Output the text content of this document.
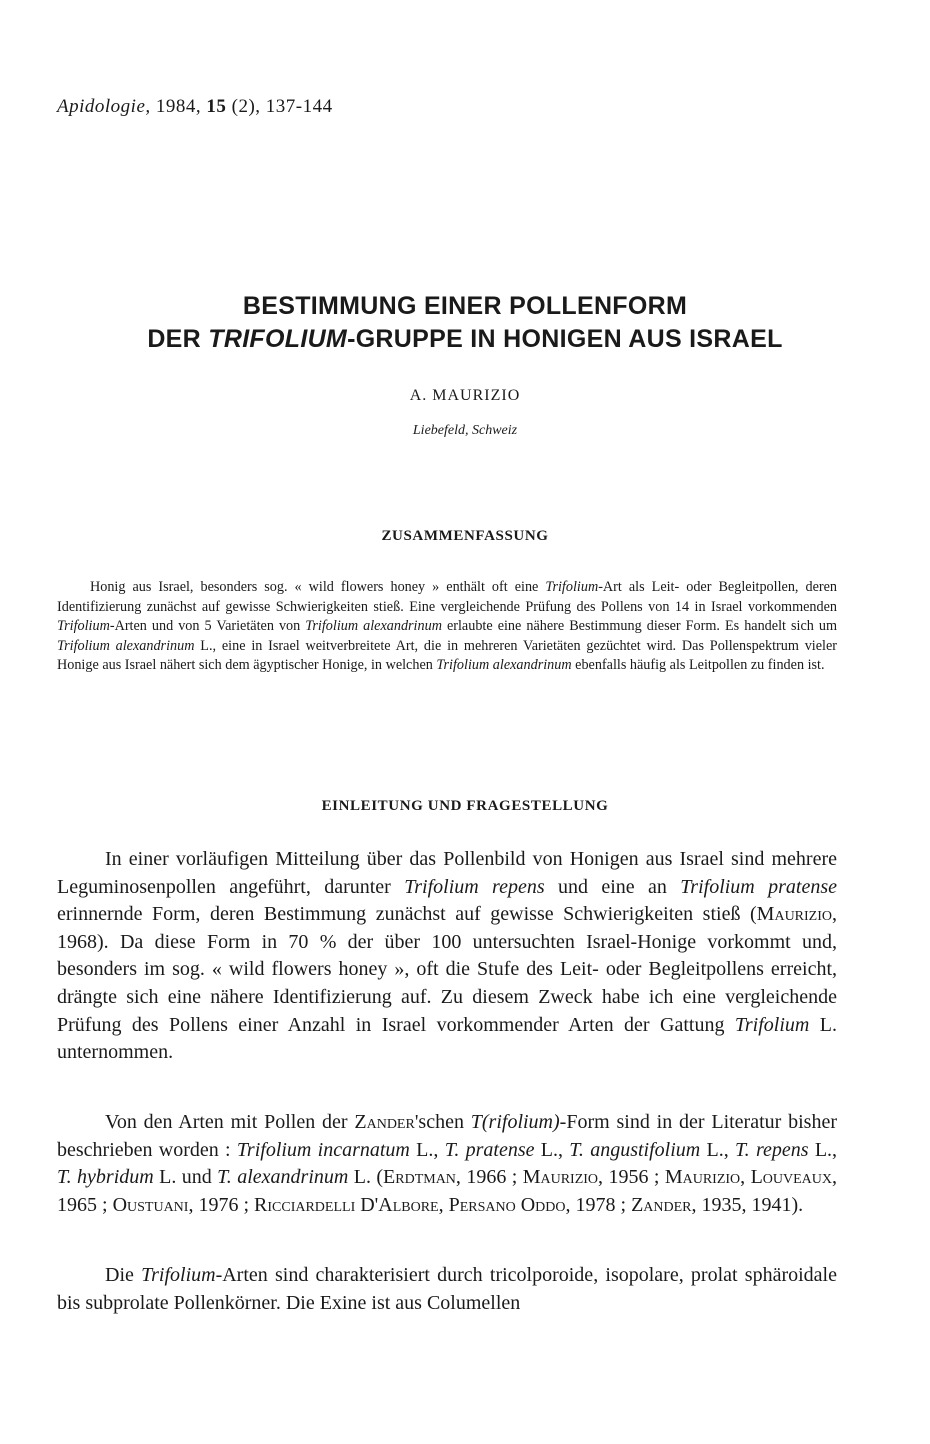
Apidologie, 1984, 15 (2), 137-144
BESTIMMUNG EINER POLLENFORM
DER TRIFOLIUM-GRUPPE IN HONIGEN AUS ISRAEL
A. MAURIZIO
Liebefeld, Schweiz
ZUSAMMENFASSUNG

Honig aus Israel, besonders sog. « wild flowers honey » enthält oft eine Trifolium-Art als Leit- oder Begleitpollen, deren Identifizierung zunächst auf gewisse Schwierigkeiten stieß. Eine vergleichende Prüfung des Pollens von 14 in Israel vorkommenden Trifolium-Arten und von 5 Varietäten von Trifolium alexandrinum erlaubte eine nähere Bestimmung dieser Form. Es handelt sich um Trifolium alexandrinum L., eine in Israel weitverbreitete Art, die in mehreren Varietäten gezüchtet wird. Das Pollenspektrum vieler Honige aus Israel nähert sich dem ägyptischer Honige, in welchen Trifolium alexandrinum ebenfalls häufig als Leitpollen zu finden ist.

EINLEITUNG UND FRAGESTELLUNG

In einer vorläufigen Mitteilung über das Pollenbild von Honigen aus Israel sind mehrere Leguminosenpollen angeführt, darunter Trifolium repens und eine an Trifolium pratense erinnernde Form, deren Bestimmung zunächst auf gewisse Schwierigkeiten stieß (Maurizio, 1968). Da diese Form in 70 % der über 100 untersuchten Israel-Honige vorkommt und, besonders im sog. « wild flowers honey », oft die Stufe des Leit- oder Begleitpollens erreicht, drängte sich eine nähere Identifizierung auf. Zu diesem Zweck habe ich eine vergleichende Prüfung des Pollens einer Anzahl in Israel vorkommender Arten der Gattung Trifolium L. unternommen.

Von den Arten mit Pollen der Zander'schen T(rifolium)-Form sind in der Literatur bisher beschrieben worden : Trifolium incarnatum L., T. pratense L., T. angustifolium L., T. repens L., T. hybridum L. und T. alexandrinum L. (Erdtman, 1966 ; Maurizio, 1956 ; Maurizio, Louveaux, 1965 ; Oustuani, 1976 ; Ricciardelli D'Albore, Persano Oddo, 1978 ; Zander, 1935, 1941).

Die Trifolium-Arten sind charakterisiert durch tricolporoide, isopolare, prolat sphäroidale bis subprolate Pollenkörner. Die Exine ist aus Columellen
